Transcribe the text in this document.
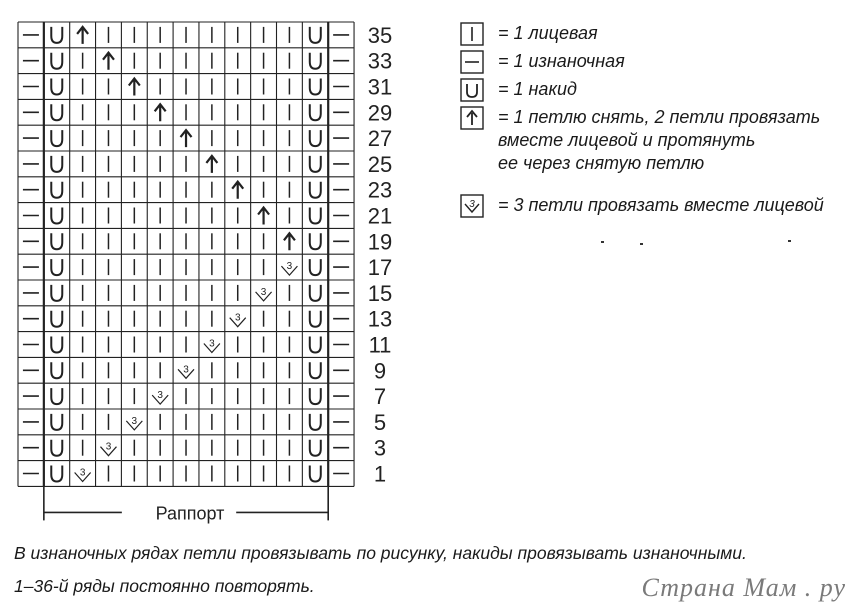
3
3
3
3
3
3
3
3
3
35
33
31
29
27
25
23
21
19
17
15
13
11
9
7
5
3
1
Раппорт
= 1 лицевая
= 1 изнаночная
= 1 накид
= 1 петлю снять, 2 петли провязать
вместе лицевой и протянуть
ее через снятую петлю
3 = 3 петли провязать вместе лицевой
В изнаночных рядах петли провязывать по рисунку, накиды провязывать изнаночными.
1–36-й ряды постоянно повторять.	Страна Мам . ру
